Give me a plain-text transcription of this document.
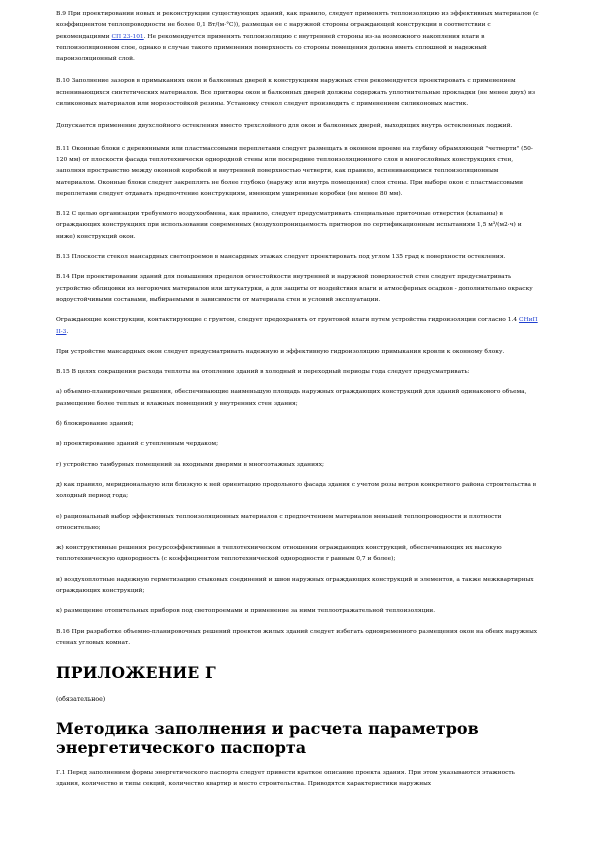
В.9 При проектировании новых и реконструкции существующих зданий, как правило, следует применять теплоизоляцию из эффективных материалов (с коэффициентом теплопроводности не более 0,1 Вт/(м·°С)), размещая ее с наружной стороны ограждающей конструкции в соответствии с рекомендациями СП 23-101. Не рекомендуется применять теплоизоляцию с внутренней стороны из-за возможного накопления влаги в теплоизоляционном слое, однако в случае такого применения поверхность со стороны помещения должна иметь сплошной и надежный пароизоляционный слой.

В.10 Заполнение зазоров в примыканиях окон и балконных дверей к конструкциям наружных стен рекомендуется проектировать с применением вспенивающихся синтетических материалов. Все притворы окон и балконных дверей должны содержать уплотнительные прокладки (не менее двух) из силиконовых материалов или морозостойкой резины. Установку стекол следует производить с применением силиконовых мастик.

Допускается применение двухслойного остекления вместо трехслойного для окон и балконных дверей, выходящих внутрь остекленных лоджий.

В.11 Оконные блоки с деревянными или пластмассовыми переплетами следует размещать в оконном проеме на глубину обрамляющей "четверти" (50-120 мм) от плоскости фасада теплотехнически однородной стены или посередине теплоизоляционного слоя в многослойных конструкциях стен, заполняя пространство между оконной коробкой и внутренней поверхностью четверти, как правило, вспенивающимся теплоизоляционным материалом. Оконные блоки следует закреплять не более глубоко (наружу или внутрь помещения) слоя стены. При выборе окон с пластмассовыми переплетами следует отдавать предпочтение конструкциям, имеющим уширенные коробки (не менее 80 мм).

В.12 С целью организации требуемого воздухообмена, как правило, следует предусматривать специальные приточные отверстия (клапаны) в ограждающих конструкциях при использовании современных (воздухопроницаемость притворов по сертификационным испытаниям 1,5 м³/(м2·ч) и ниже) конструкций окон.

В.13 Плоскости стекол мансардных светопроемов в мансардных этажах следует проектировать под углом 135 град к поверхности остекления.

В.14 При проектировании зданий для повышения пределов огнестойкости внутренней и наружной поверхностей стен следует предусматривать устройство облицовки из негорючих материалов или штукатурки, а для защиты от воздействия влаги и атмосферных осадков - дополнительно окраску водоустойчивыми составами, выбираемыми в зависимости от материала стен и условий эксплуатации.

Ограждающие конструкции, контактирующие с грунтом, следует предохранять от грунтовой влаги путем устройства гидроизоляции согласно 1.4 СНиП II-3.

При устройстве мансардных окон следует предусматривать надежную и эффективную гидроизоляцию примыкания кровли к оконному блоку.

В.15 В целях сокращения расхода теплоты на отопление зданий в холодный и переходный периоды года следует предусматривать:

а) объемно-планировочные решения, обеспечивающие наименьшую площадь наружных ограждающих конструкций для зданий одинакового объема, размещение более теплых и влажных помещений у внутренних стен здания;

б) блокирование зданий;

в) проектирование зданий с утепленным чердаком;

г) устройство тамбурных помещений за входными дверями в многоэтажных зданиях;

д) как правило, меридиональную или близкую к ней ориентацию продольного фасада здания с учетом розы ветров конкретного района строительства в холодный период года;

е) рациональный выбор эффективных теплоизоляционных материалов с предпочтением материалов меньшей теплопроводности и плотности относительно;

ж) конструктивные решения ресурсоэффективные в теплотехническом отношении ограждающих конструкций, обеспечивающих их высокую теплотехническую однородность (с коэффициентом теплотехнической однородности r равным 0,7 и более);

и) воздухоплотные надежную герметизацию стыковых соединений и швов наружных ограждающих конструкций и элементов, а также межквартирных ограждающих конструкций;

к) размещение отопительных приборов под светопроемами и применение за ними теплоотражательной теплоизоляции.

В.16 При разработке объемно-планировочных решений проектов жилых зданий следует избегать одновременного размещения окон на обеих наружных стенах угловых комнат.

ПРИЛОЖЕНИЕ Г

(обязательное)

Методика заполнения и расчета параметров энергетического паспорта

Г.1 Перед заполнением формы энергетического паспорта следует привести краткое описание проекта здания. При этом указываются этажность здания, количество и типы секций, количество квартир и место строительства. Приводятся характеристики наружных
